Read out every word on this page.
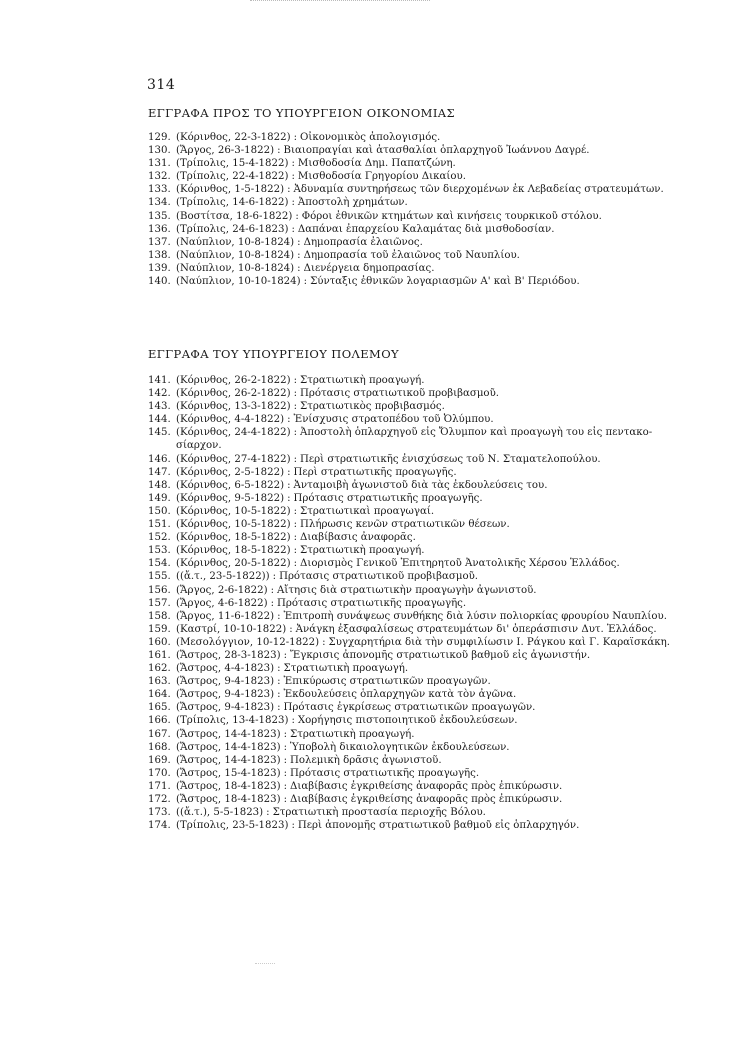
314
ΕΓΓΡΑΦΑ ΠΡΟΣ ΤΟ ΥΠΟΥΡΓΕΙΟΝ ΟΙΚΟΝΟΜΙΑΣ
129. (Κόρινθος, 22-3-1822) : Οἰκονομικὸς ἀπολογισμός.
130. (Ἄργος, 26-3-1822) : Βιαιοπραγίαι καὶ ἀτασθαλίαι ὁπλαρχηγοῦ Ἰωάννου Δαγρέ.
131. (Τρίπολις, 15-4-1822) : Μισθοδοσία Δημ. Παπατζώνη.
132. (Τρίπολις, 22-4-1822) : Μισθοδοσία Γρηγορίου Δικαίου.
133. (Κόρινθος, 1-5-1822) : Ἀδυναμία συντηρήσεως τῶν διερχομένων ἐκ Λεβαδείας στρατευμάτων.
134. (Τρίπολις, 14-6-1822) : Ἀποστολὴ χρημάτων.
135. (Βοστίτσα, 18-6-1822) : Φόροι ἐθνικῶν κτημάτων καὶ κινήσεις τουρκικοῦ στόλου.
136. (Τρίπολις, 24-6-1823) : Δαπάναι ἐπαρχείου Καλαμάτας διὰ μισθοδοσίαν.
137. (Ναύπλιον, 10-8-1824) : Δημοπρασία ἐλαιῶνος.
138. (Ναύπλιον, 10-8-1824) : Δημοπρασία τοῦ ἐλαιῶνος τοῦ Ναυπλίου.
139. (Ναύπλιον, 10-8-1824) : Διενέργεια δημοπρασίας.
140. (Ναύπλιον, 10-10-1824) : Σύνταξις ἐθνικῶν λογαριασμῶν Α' καὶ Β' Περιόδου.
ΕΓΓΡΑΦΑ ΤΟΥ ΥΠΟΥΡΓΕΙΟΥ ΠΟΛΕΜΟΥ
141. (Κόρινθος, 26-2-1822) : Στρατιωτικὴ προαγωγή.
142. (Κόρινθος, 26-2-1822) : Πρότασις στρατιωτικοῦ προβιβασμοῦ.
143. (Κόρινθος, 13-3-1822) : Στρατιωτικὸς προβιβασμός.
144. (Κόρινθος, 4-4-1822) : Ἐνίσχυσις στρατοπέδου τοῦ Ὀλύμπου.
145. (Κόρινθος, 24-4-1822) : Ἀποστολὴ ὁπλαρχηγοῦ εἰς Ὄλυμπον καὶ προαγωγὴ του εἰς πεντακο-
σίαρχον.
146. (Κόρινθος, 27-4-1822) : Περὶ στρατιωτικῆς ἐνισχύσεως τοῦ Ν. Σταματελοπούλου.
147. (Κόρινθος, 2-5-1822) : Περὶ στρατιωτικῆς προαγωγῆς.
148. (Κόρινθος, 6-5-1822) : Ἀνταμοιβὴ ἀγωνιστοῦ διὰ τὰς ἐκδουλεύσεις του.
149. (Κόρινθος, 9-5-1822) : Πρότασις στρατιωτικῆς προαγωγῆς.
150. (Κόρινθος, 10-5-1822) : Στρατιωτικαὶ προαγωγαί.
151. (Κόρινθος, 10-5-1822) : Πλήρωσις κενῶν στρατιωτικῶν θέσεων.
152. (Κόρινθος, 18-5-1822) : Διαβίβασις ἀναφορᾶς.
153. (Κόρινθος, 18-5-1822) : Στρατιωτικὴ προαγωγή.
154. (Κόρινθος, 20-5-1822) : Διορισμὸς Γενικοῦ Ἐπιτηρητοῦ Ἀνατολικῆς Χέρσου Ἑλλάδος.
155. ((ἄ.τ., 23-5-1822)) : Πρότασις στρατιωτικοῦ προβιβασμοῦ.
156. (Ἄργος, 2-6-1822) : Αἴτησις διὰ στρατιωτικὴν προαγωγὴν ἀγωνιστοῦ.
157. (Ἄργος, 4-6-1822) : Πρότασις στρατιωτικῆς προαγωγῆς.
158. (Ἄργος, 11-6-1822) : Ἐπιτροπὴ συνάψεως συνθήκης διὰ λύσιν πολιορκίας φρουρίου Ναυπλίου.
159. (Καστρί, 10-10-1822) : Ἀνάγκη ἐξασφαλίσεως στρατευμάτων δι' ὀπεράσπισιν Δυτ. Ἑλλάδος.
160. (Μεσολόγγιον, 10-12-1822) : Συγχαρητήρια διὰ τὴν συμφιλίωσιν Ι. Ράγκου καὶ Γ. Καραϊσκάκη.
161. (Ἄστρος, 28-3-1823) : Ἔγκρισις ἀπονομῆς στρατιωτικοῦ βαθμοῦ εἰς ἀγωνιστήν.
162. (Ἄστρος, 4-4-1823) : Στρατιωτικὴ προαγωγή.
163. (Ἄστρος, 9-4-1823) : Ἐπικύρωσις στρατιωτικῶν προαγωγῶν.
164. (Ἄστρος, 9-4-1823) : Ἐκδουλεύσεις ὁπλαρχηγῶν κατὰ τὸν ἀγῶνα.
165. (Ἄστρος, 9-4-1823) : Πρότασις ἐγκρίσεως στρατιωτικῶν προαγωγῶν.
166. (Τρίπολις, 13-4-1823) : Χορήγησις πιστοποιητικοῦ ἐκδουλεύσεων.
167. (Ἄστρος, 14-4-1823) : Στρατιωτικὴ προαγωγή.
168. (Ἄστρος, 14-4-1823) : Ὑποβολὴ δικαιολογητικῶν ἐκδουλεύσεων.
169. (Ἄστρος, 14-4-1823) : Πολεμικὴ δρᾶσις ἀγωνιστοῦ.
170. (Ἄστρος, 15-4-1823) : Πρότασις στρατιωτικῆς προαγωγῆς.
171. (Ἄστρος, 18-4-1823) : Διαβίβασις ἐγκριθείσης ἀναφορᾶς πρὸς ἐπικύρωσιν.
172. (Ἄστρος, 18-4-1823) : Διαβίβασις ἐγκριθείσης ἀναφορᾶς πρὸς ἐπικύρωσιν.
173. ((ἄ.τ.), 5-5-1823) : Στρατιωτικὴ προστασία περιοχῆς Βόλου.
174. (Τρίπολις, 23-5-1823) : Περὶ ἀπονομῆς στρατιωτικοῦ βαθμοῦ εἰς ὁπλαρχηγόν.
